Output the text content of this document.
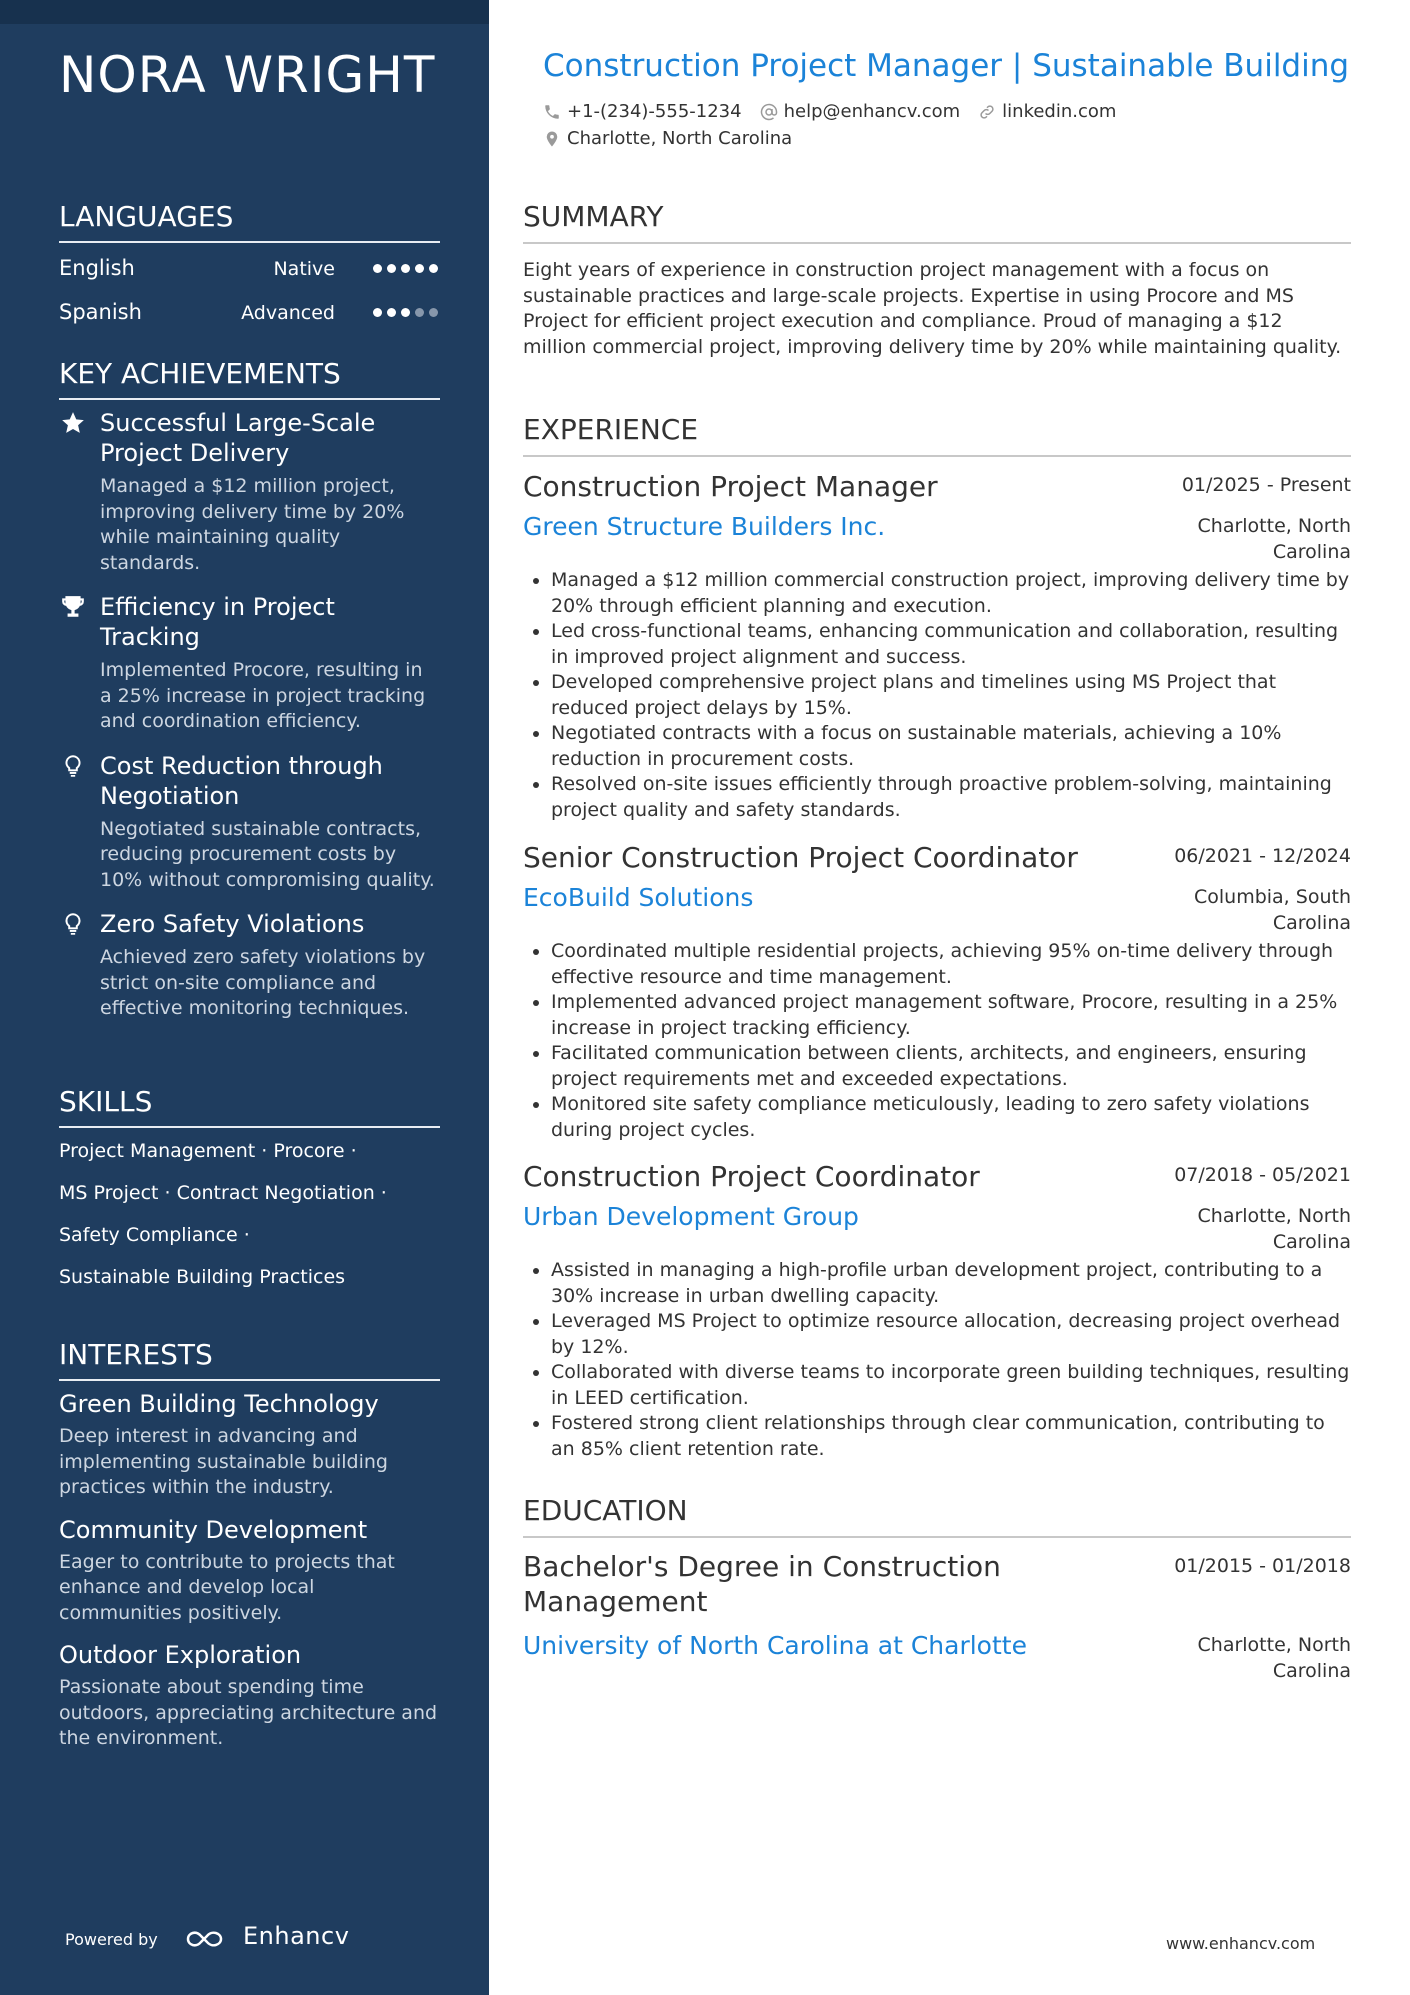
NORA WRIGHT
LANGUAGES
English	Native
Spanish	Advanced
KEY ACHIEVEMENTS
Successful Large-Scale Project Delivery
Managed a $12 million project, improving delivery time by 20% while maintaining quality standards.
Efficiency in Project Tracking
Implemented Procore, resulting in a 25% increase in project tracking and coordination efficiency.
Cost Reduction through Negotiation
Negotiated sustainable contracts, reducing procurement costs by 10% without compromising quality.
Zero Safety Violations
Achieved zero safety violations by strict on-site compliance and effective monitoring techniques.
SKILLS
Project Management · Procore ·
MS Project · Contract Negotiation ·
Safety Compliance ·
Sustainable Building Practices
INTERESTS
Green Building Technology
Deep interest in advancing and implementing sustainable building practices within the industry.
Community Development
Eager to contribute to projects that enhance and develop local communities positively.
Outdoor Exploration
Passionate about spending time outdoors, appreciating architecture and the environment.
Powered by	Enhancv
Construction Project Manager | Sustainable Building
+1-(234)-555-1234 help@enhancv.com linkedin.com
Charlotte, North Carolina
SUMMARY
Eight years of experience in construction project management with a focus on sustainable practices and large-scale projects. Expertise in using Procore and MS Project for efficient project execution and compliance. Proud of managing a $12 million commercial project, improving delivery time by 20% while maintaining quality.
EXPERIENCE
Construction Project Manager	01/2025 - Present
Green Structure Builders Inc.	Charlotte, North Carolina
• Managed a $12 million commercial construction project, improving delivery time by 20% through efficient planning and execution.
• Led cross-functional teams, enhancing communication and collaboration, resulting in improved project alignment and success.
• Developed comprehensive project plans and timelines using MS Project that reduced project delays by 15%.
• Negotiated contracts with a focus on sustainable materials, achieving a 10% reduction in procurement costs.
• Resolved on-site issues efficiently through proactive problem-solving, maintaining project quality and safety standards.
Senior Construction Project Coordinator	06/2021 - 12/2024
EcoBuild Solutions	Columbia, South Carolina
• Coordinated multiple residential projects, achieving 95% on-time delivery through effective resource and time management.
• Implemented advanced project management software, Procore, resulting in a 25% increase in project tracking efficiency.
• Facilitated communication between clients, architects, and engineers, ensuring project requirements met and exceeded expectations.
• Monitored site safety compliance meticulously, leading to zero safety violations during project cycles.
Construction Project Coordinator	07/2018 - 05/2021
Urban Development Group	Charlotte, North Carolina
• Assisted in managing a high-profile urban development project, contributing to a 30% increase in urban dwelling capacity.
• Leveraged MS Project to optimize resource allocation, decreasing project overhead by 12%.
• Collaborated with diverse teams to incorporate green building techniques, resulting in LEED certification.
• Fostered strong client relationships through clear communication, contributing to an 85% client retention rate.
EDUCATION
Bachelor's Degree in Construction Management
01/2015 - 01/2018
University of North Carolina at Charlotte	Charlotte, North Carolina
www.enhancv.com
